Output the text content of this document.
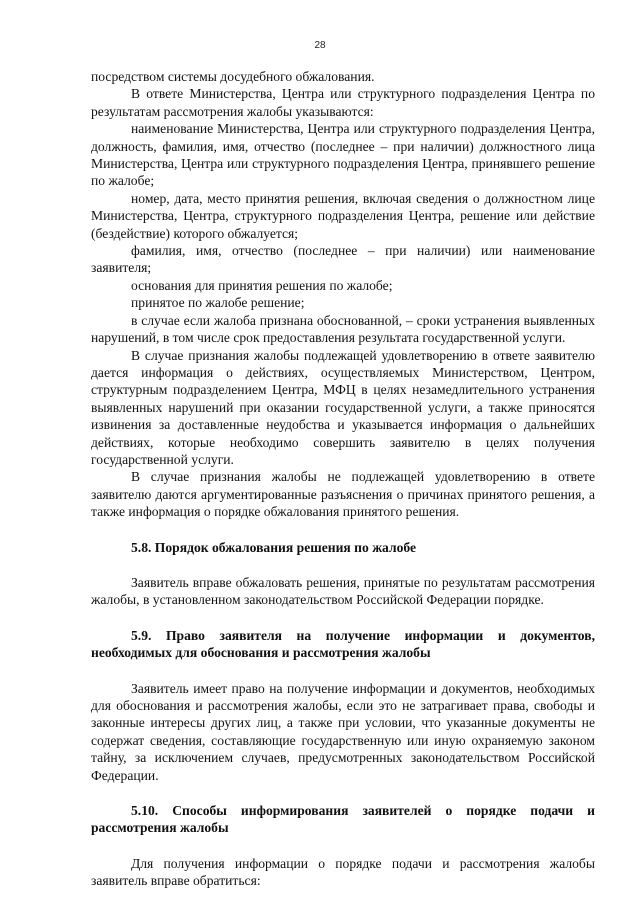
28

посредством системы досудебного обжалования.

В ответе Министерства, Центра или структурного подразделения Центра по результатам рассмотрения жалобы указываются:

наименование Министерства, Центра или структурного подразделения Центра, должность, фамилия, имя, отчество (последнее – при наличии) должностного лица Министерства, Центра или структурного подразделения Центра, принявшего решение по жалобе;

номер, дата, место принятия решения, включая сведения о должностном лице Министерства, Центра, структурного подразделения Центра, решение или действие (бездействие) которого обжалуется;

фамилия, имя, отчество (последнее – при наличии) или наименование заявителя;

основания для принятия решения по жалобе;

принятое по жалобе решение;

в случае если жалоба признана обоснованной, – сроки устранения выявленных нарушений, в том числе срок предоставления результата государственной услуги.

В случае признания жалобы подлежащей удовлетворению в ответе заявителю дается информация о действиях, осуществляемых Министерством, Центром, структурным подразделением Центра, МФЦ в целях незамедлительного устранения выявленных нарушений при оказании государственной услуги, а также приносятся извинения за доставленные неудобства и указывается информация о дальнейших действиях, которые необходимо совершить заявителю в целях получения государственной услуги.

В случае признания жалобы не подлежащей удовлетворению в ответе заявителю даются аргументированные разъяснения о причинах принятого решения, а также информация о порядке обжалования принятого решения.

5.8. Порядок обжалования решения по жалобе

Заявитель вправе обжаловать решения, принятые по результатам рассмотрения жалобы, в установленном законодательством Российской Федерации порядке.

5.9. Право заявителя на получение информации и документов, необходимых для обоснования и рассмотрения жалобы

Заявитель имеет право на получение информации и документов, необходимых для обоснования и рассмотрения жалобы, если это не затрагивает права, свободы и законные интересы других лиц, а также при условии, что указанные документы не содержат сведения, составляющие государственную или иную охраняемую законом тайну, за исключением случаев, предусмотренных законодательством Российской Федерации.

5.10. Способы информирования заявителей о порядке подачи и рассмотрения жалобы

Для получения информации о порядке подачи и рассмотрения жалобы заявитель вправе обратиться:
